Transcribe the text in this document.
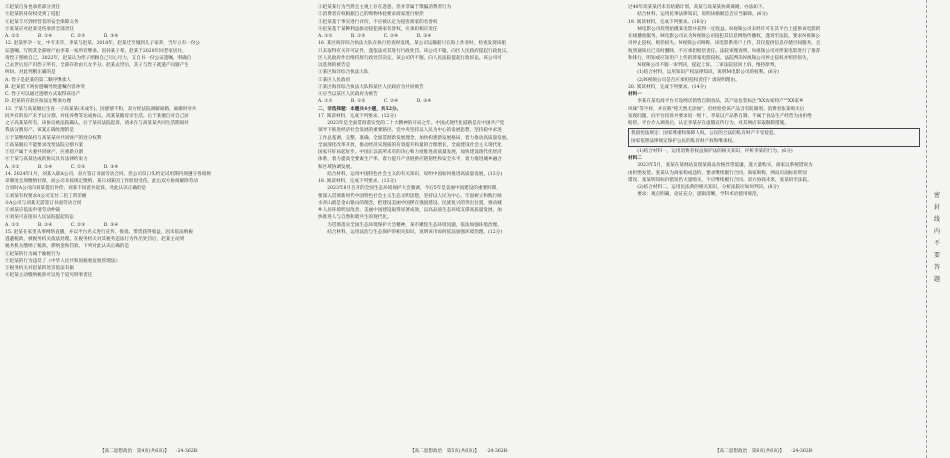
②赵某自身也承担部分责任

③赵某的身份权受到了侵犯

④赵某丰尽到经营者的安全保障义务

⑤张某应对赵某受伤承担全部责任

A. ①②　　　　B. ①④　　　　C. ②③　　　　D. ③④

12. 赵某怀孕一女，中专未毕，李某与赵某。2018年，赵某迁至城到儿子家养，当年立有一份公

证遗嘱，写明其全部财产由李某一家所有继承。因孙某子辈，赵某于2020年回老家居住，

请侄子照顾自己。2022年，赵某认为侄子照顾自己尽心尽力，又自书一份公证遗嘱，明确自

己去世后房产归侄子所有，全部存款由儿女平分。赵某去世后，其子与侄子就遗产问题产生

纠纷。对此判断正确的是

A. 侄子是赵某的第二顺序继承人

B. 赵某留下两份遗嘱导致遗嘱内容冲突

C. 侄子可以通过遗赠方式取得该房产

D. 赵某的存款应按法定继承办理

13. 于某与高某婚后生育一子高某某(未成年)。因感情不和，双方经法院调解离婚，离婚时对共

同共有的房产未予以分割，对抚养费等达成协议。高某某随母亲生活。后于某擅自对自己居

之子高某某所有，该协议被法院确认。后于某向法院起诉，请求在与高某某共同生活期间对

我法分割房产。该案正确处理的是

①于某继续保持与高某某对共同财产的处分权利

②高某婚后不能要求改变法院分割方案

③房产属于夫妻共同财产，应重新分割

④于某与高某达成的协议具有法律约束力

A. ①②　　　　B. ①④　　　　C. ②③　　　　D. ③④

14. 2024年1月，刘某入职A公司，双方签订书面劳动合同，但公司仅口头约定试用期内须遵守各项规

章制度且须缴纳社保，而公司未按规定缴纳。某日刘某因工作原因受伤，此后双方协商解除劳动

合同时A公司向刘某提出补偿，刘某不同意并起诉。对此认识正确的是

①刘某有权要求A公司支付二倍工资差额

②A公司与刘某无需签订书面劳动合同

③刘某应依法申请劳动仲裁

④刘某可直接向人民法院提起诉讼

A. ①②　　　　B. ①④　　　　C. ②③　　　　D. ③④

15. 赵某在家里从事网络直播，并以平台名义进行宣传、推销、带货获得收益，因未依法纳税

逃避税款，被税务机关依法处理。在税务机关对其税务违法行为作出处罚后，赵某主动到

税务机关缴纳了税款、滞纳金和罚款。下列对此认识正确的是

①赵某的行为属于偷税行为

②赵某的行为违反了《中华人民共和国税收征收管理法》

③税务机关对赵某的处罚依法有据

④赵某主动缴纳税款可以免于追究刑事责任

①赵某某行为当然且主观上存在恶意，但并非属于欺骗消费者行为

②消费者有权根据自己的购物体验要求商家进行赔偿

③赵某基于事实进行评价，不应被认定为侵害商家的名誉权

④赵某基于某种利益驱动侵犯商家名誉权，应承担相应责任

A. ①②　　　　B. ①③　　　　C. ②④　　　　D. ③④

16. 某区海洋综合执法大队在执行检查时发现，某公司运输船只在海上作业时，检查发现该船

只未取得有关许可证件，遂依法对其进行行政处罚。该公司不服，向区人民政府提起行政复议。

区人民政府作出维持原行政处罚决定。该公司仍不服，向人民法院提起行政诉讼。该公司可

以选择的被告是

①某区海洋综合执法大队

②某区人民政府

③某区海洋综合执法大队和某区人民政府为共同被告

④应当以某区人民政府为被告

A. ①②　　　　B. ①③　　　　C. ②④　　　　D. ③④

二、非选择题：本题共4小题，共52分。

17. 阅读材料，完成下列要求。(12分)

　　2023年是全面贯彻落实党的二十大精神的开局之年。中国式现代化道路是在中国共产党

领导下推进经济社会发展的重要路径。党中央坚持以人民为中心的发展思想，坚持稳中求进

工作总基调，完整、准确、全面贯彻新发展理念，加快构建新发展格局，着力推动高质量发展。

全面深化改革开放，推动经济实现质的有效提升和量的合理增长，全面建设社会主义现代化

国家开好局起好步。中国正以前所未有的决心和力度推进高质量发展，加快建设现代化经济

体系，着力提高全要素生产率，着力提升产业链供应链韧性和安全水平，着力推进城乡融合

和区域协调发展。

　　结合材料，运用中国特色社会主义的有关知识，说明中国如何推进高质量发展。(12分)

18. 阅读材料，完成下列要求。(12分)

　　2023年8月召开的全国生态环境保护大会强调，今后5年是美丽中国建设的重要时期，

要深入贯彻新时代中国特色社会主义生态文明思想，坚持以人民为中心，牢固树立和践行绿

水青山就是金山银山的理念，把建设美丽中国摆在强国建设、民族复兴的突出位置，推动城

乡人居环境明显改善、美丽中国建设取得显著成效，以高品质生态环境支撑高质量发展，加

快推进人与自然和谐共生的现代化。

　　为贯彻落实全国生态环境保护大会精神，某市聚焦生态环境问题，依法加强环境治理。

　　结合材料，运用法治与生态保护的相关知识，说明该市如何依法加强环境治理。(12分)

过40年高某某仍未有结婚计划。高某与高某某协商离婚，办法如下。

　　结合材料，运用民事法律知识，说明该婚姻是否应当解除。(6分)

19. 阅读材料，完成下列要求。(16分)

　　M电影公司投资拍摄某电影并获得一定收益。N视频公司未经许可在其平台上提供该电影的

在线播放服务。M电影公司认为N视频公司侵犯其信息网络传播权，遂诉至法院，要求N视频公

司停止侵权、赔偿损失。N视频公司辩称，该电影系用户上传，其仅提供信息存储空间服务，且

收到通知后已及时删除，不应承担赔偿责任。法院审理查明，N视频公司对涉案电影进行了推荐

和排行，明知或应知用户上传的涉案电影侵权。法院判决N视频公司停止侵权并赔偿损失。

　　N视频公司不服一审判决，提起上诉。二审法院驳回上诉，维持原判。

　　(1)结合材料，运用知识产权法律知识，说明M电影公司的权利。(6分)

　　(2)N视频公司是否应承担侵权责任？请说明理由。

20. 阅读材料，完成下列要求。(14分)

材料一

　　李某在某电商平台开设网店销售自制食品，其产品包装标注"XX农家特产""XX家乡

风味"等字样，并宣称"纯天然无添加"，但经检验该产品含有防腐剂。消费者张某购买后

发现问题，向平台投诉并要求退一赔十。李某以产品系自制、不属于食品生产经营为由拒绝

赔偿。平台介入调查后，认定李某存在虚假宣传行为，对其网店采取限制措施。

我国宪法规定：国家尊重和保障人权。公民的合法的私有财产不受侵犯。

国家依照法律规定保护公民的私有财产权和继承权。

　　(1)结合材料一，运用消费者权益保护法的相关知识，评析李某的行为。(6分)

材料二

　　2023年5月，张某在某网站发现某商品价格异常低廉，遂大量购买。商家以系统错误为

由拒绝发货。张某认为商家构成违约，要求继续履行合同。商家辩称，网站页面标价明显

错误，张某明知标价错误仍大量购买，不应继续履行合同。双方协商未果，张某诉至法院。

　　(2)结合材料二，运用民法典的相关知识，分析法院应如何判决。(8分)

　　要求：观点明确，论证充分，逻辑清晰，学科术语使用规范。

【高二思想政治　第4页(共6页)】　　·24-362B·	【高二思想政治　第5页(共6页)】　　·24-362B·	【高二思想政治　第6页(共6页)】　　·24-362B·
密
封
线
内
不
要
答
题
